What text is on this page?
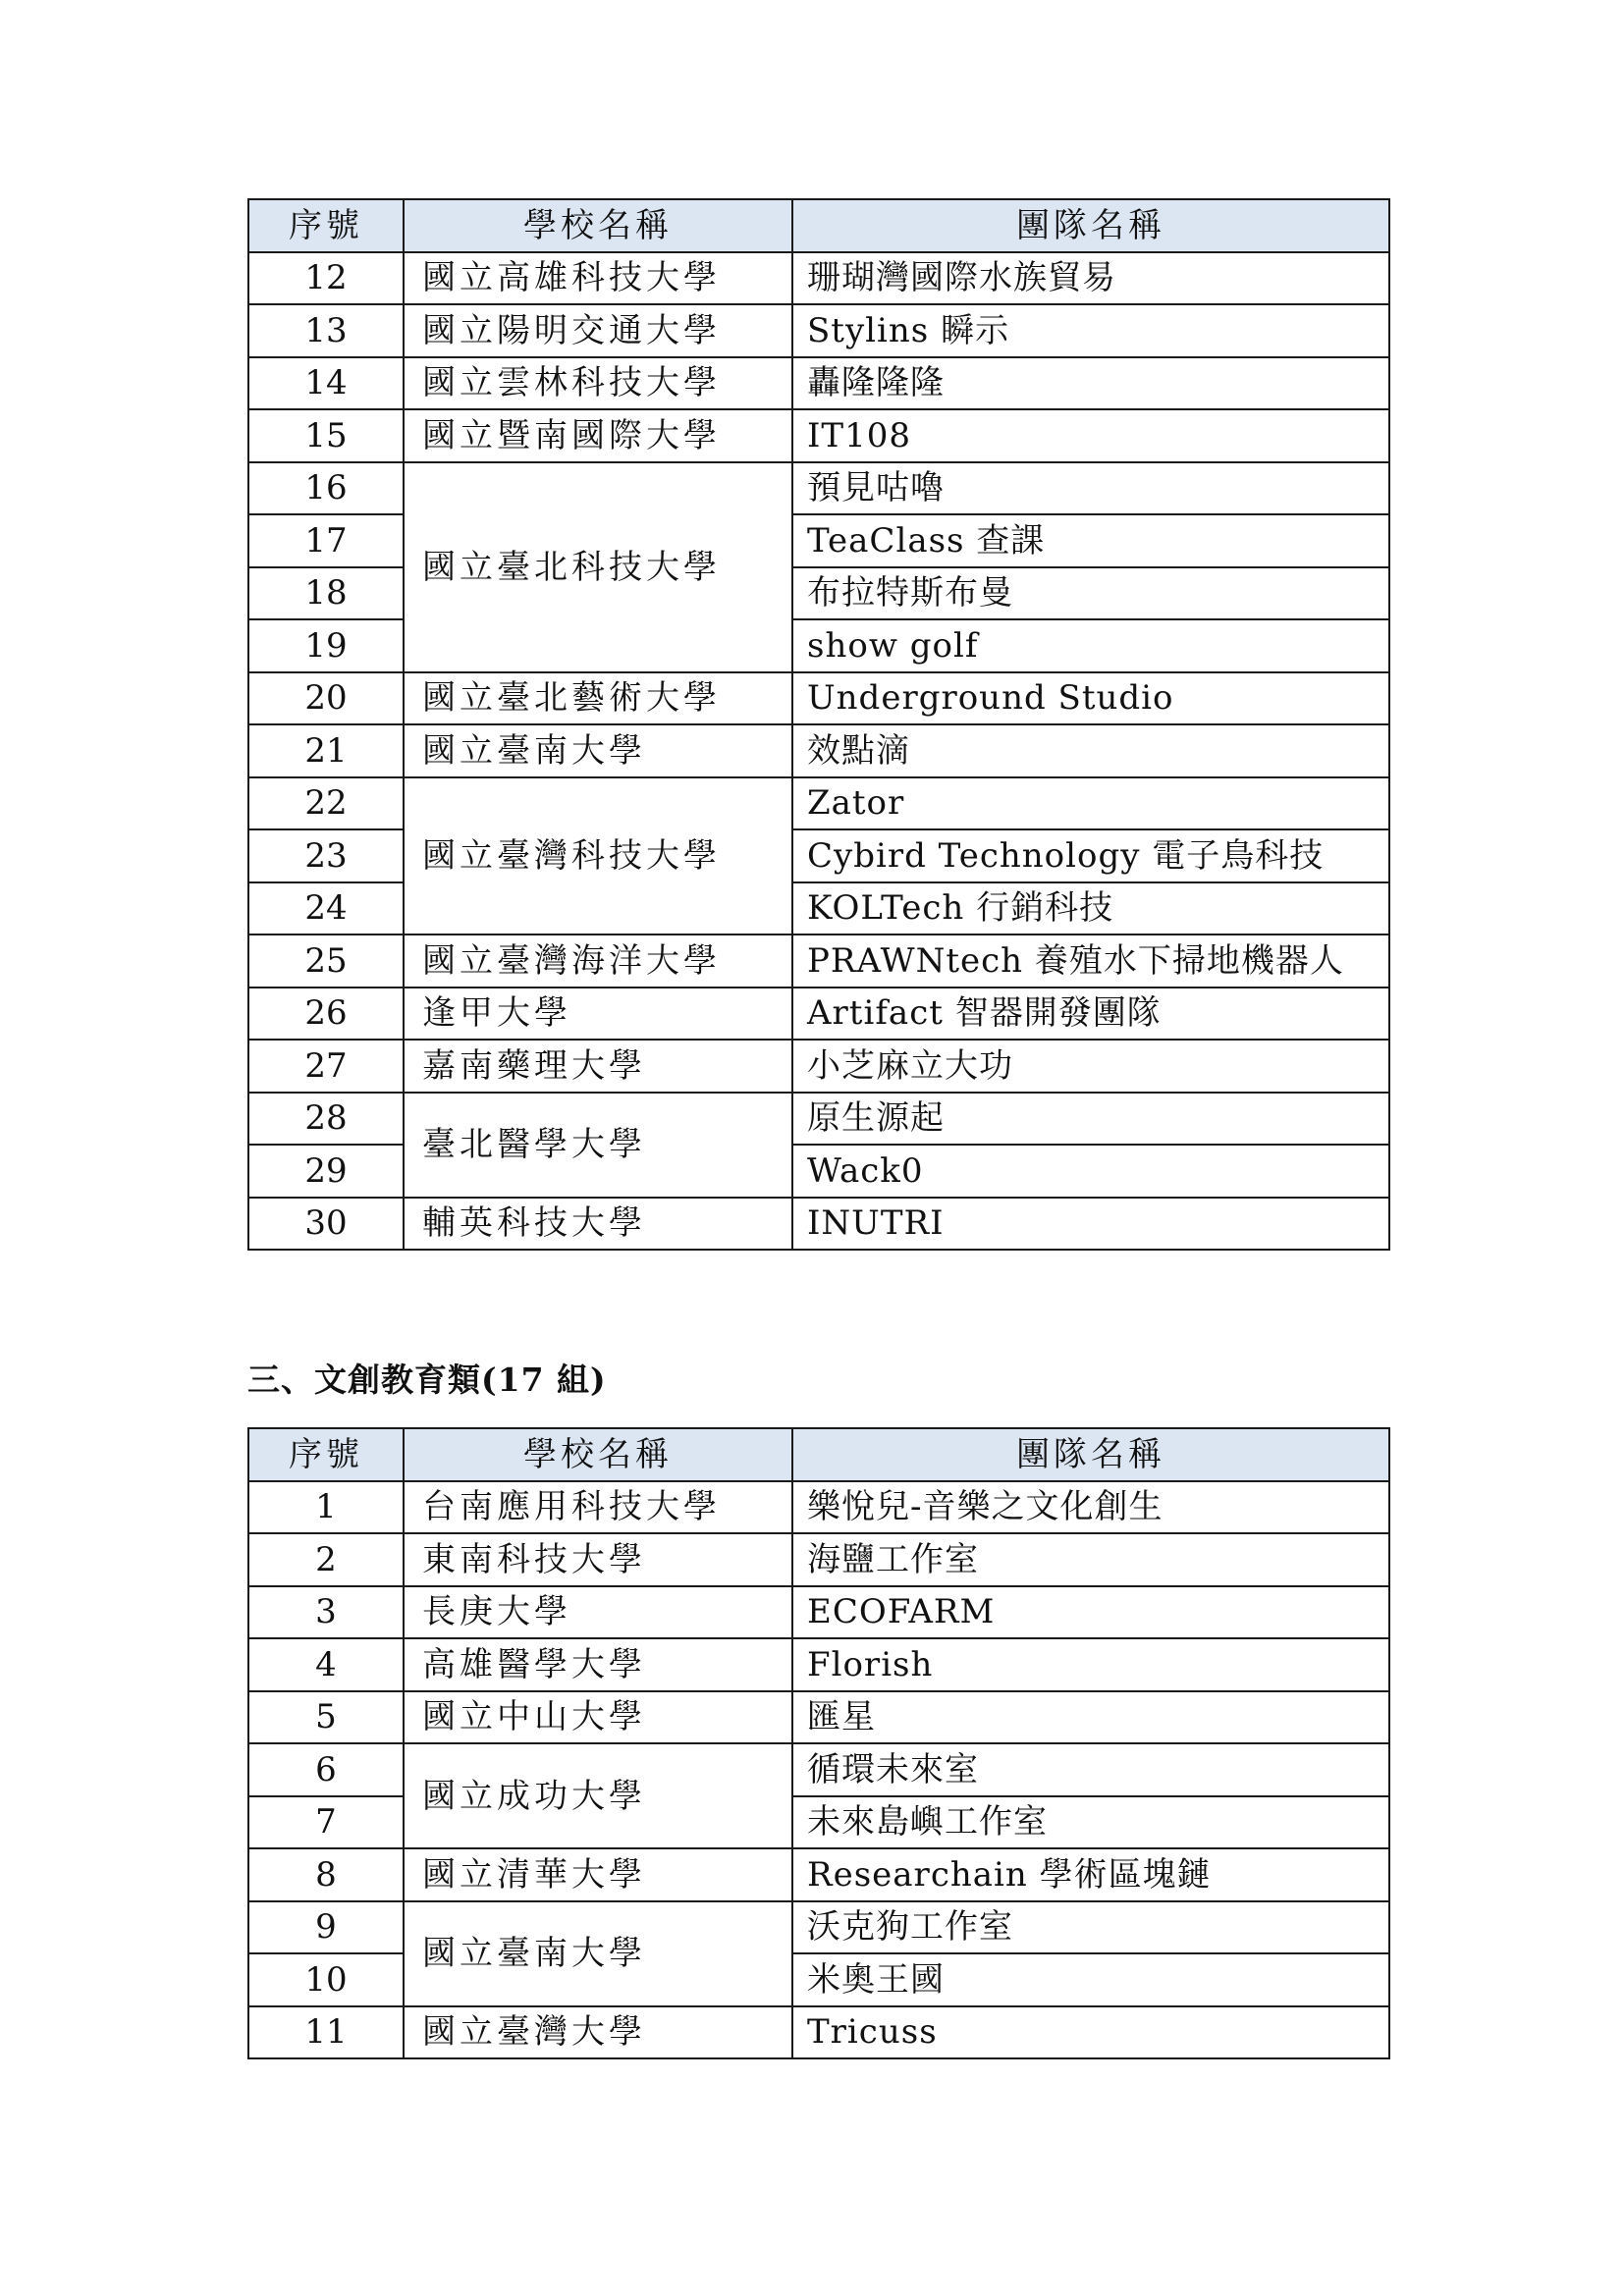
序號	學校名稱	團隊名稱
12	國立高雄科技大學	珊瑚灣國際水族貿易
13	國立陽明交通大學	Stylins 瞬示
14	國立雲林科技大學	轟隆隆隆
15	國立暨南國際大學	IT108
16	國立臺北科技大學	預見咕嚕
17		TeaClass 查課
18		布拉特斯布曼
19		show golf
20	國立臺北藝術大學	Underground Studio
21	國立臺南大學	效點滴
22	國立臺灣科技大學	Zator
23		Cybird Technology 電子鳥科技
24		KOLTech 行銷科技
25	國立臺灣海洋大學	PRAWNtech 養殖水下掃地機器人
26	逢甲大學	Artifact 智器開發團隊
27	嘉南藥理大學	小芝麻立大功
28	臺北醫學大學	原生源起
29		Wack0
30	輔英科技大學	INUTRI
三、文創教育類(17 組)
序號	學校名稱	團隊名稱
1	台南應用科技大學	樂悅兒-音樂之文化創生
2	東南科技大學	海鹽工作室
3	長庚大學	ECOFARM
4	高雄醫學大學	Florish
5	國立中山大學	匯星
6	國立成功大學	循環未來室
7		未來島嶼工作室
8	國立清華大學	Researchain 學術區塊鏈
9	國立臺南大學	沃克狗工作室
10		米奧王國
11	國立臺灣大學	Tricuss
